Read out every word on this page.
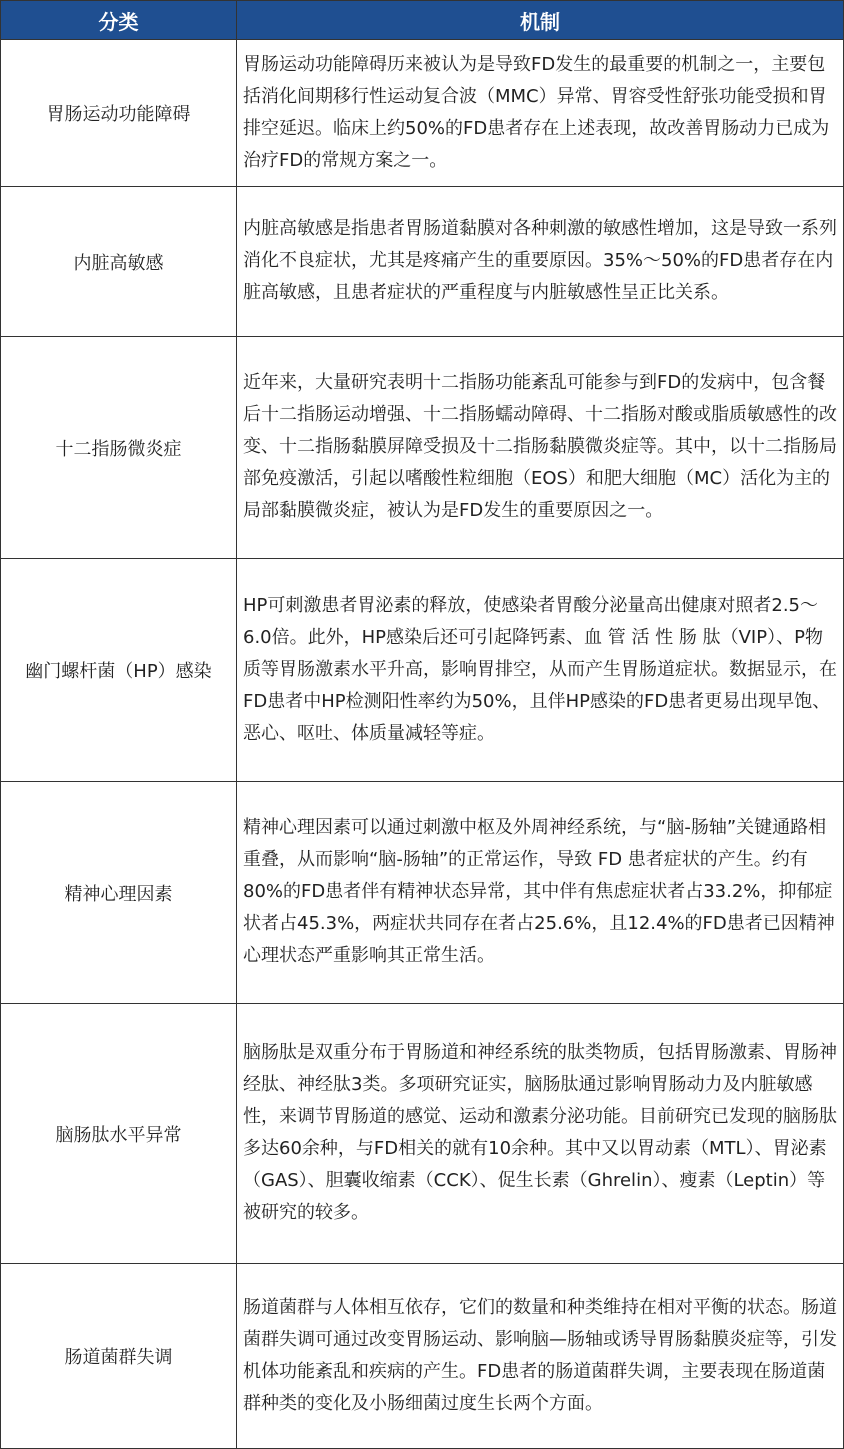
分类	机制
胃肠运动功能障碍	胃肠运动功能障碍历来被认为是导致FD发生的最重要的机制之一，主要包括消化间期移行性运动复合波（MMC）异常、胃容受性舒张功能受损和胃排空延迟。临床上约50%的FD患者存在上述表现，故改善胃肠动力已成为治疗FD的常规方案之一。
内脏高敏感	内脏高敏感是指患者胃肠道黏膜对各种刺激的敏感性增加，这是导致一系列消化不良症状，尤其是疼痛产生的重要原因。35%～50%的FD患者存在内脏高敏感，且患者症状的严重程度与内脏敏感性呈正比关系。
十二指肠微炎症	近年来，大量研究表明十二指肠功能紊乱可能参与到FD的发病中，包含餐后十二指肠运动增强、十二指肠蠕动障碍、十二指肠对酸或脂质敏感性的改变、十二指肠黏膜屏障受损及十二指肠黏膜微炎症等。其中，以十二指肠局部免疫激活，引起以嗜酸性粒细胞（EOS）和肥大细胞（MC）活化为主的局部黏膜微炎症，被认为是FD发生的重要原因之一。
幽门螺杆菌（HP）感染	HP可刺激患者胃泌素的释放，使感染者胃酸分泌量高出健康对照者2.5～6.0倍。此外，HP感染后还可引起降钙素、血 管 活 性 肠 肽（VIP）、P物质等胃肠激素水平升高，影响胃排空，从而产生胃肠道症状。数据显示，在FD患者中HP检测阳性率约为50%，且伴HP感染的FD患者更易出现早饱、恶心、呕吐、体质量减轻等症。
精神心理因素	精神心理因素可以通过刺激中枢及外周神经系统，与“脑-肠轴”关键通路相重叠，从而影响“脑-肠轴”的正常运作，导致 FD 患者症状的产生。约有80%的FD患者伴有精神状态异常，其中伴有焦虑症状者占33.2%，抑郁症状者占45.3%，两症状共同存在者占25.6%，且12.4%的FD患者已因精神心理状态严重影响其正常生活。
脑肠肽水平异常	脑肠肽是双重分布于胃肠道和神经系统的肽类物质，包括胃肠激素、胃肠神经肽、神经肽3类。多项研究证实，脑肠肽通过影响胃肠动力及内脏敏感性，来调节胃肠道的感觉、运动和激素分泌功能。目前研究已发现的脑肠肽多达60余种，与FD相关的就有10余种。其中又以胃动素（MTL）、胃泌素（GAS）、胆囊收缩素（CCK）、促生长素（Ghrelin）、瘦素（Leptin）等被研究的较多。
肠道菌群失调	肠道菌群与人体相互依存，它们的数量和种类维持在相对平衡的状态。肠道菌群失调可通过改变胃肠运动、影响脑—肠轴或诱导胃肠黏膜炎症等，引发机体功能紊乱和疾病的产生。FD患者的肠道菌群失调，主要表现在肠道菌群种类的变化及小肠细菌过度生长两个方面。
